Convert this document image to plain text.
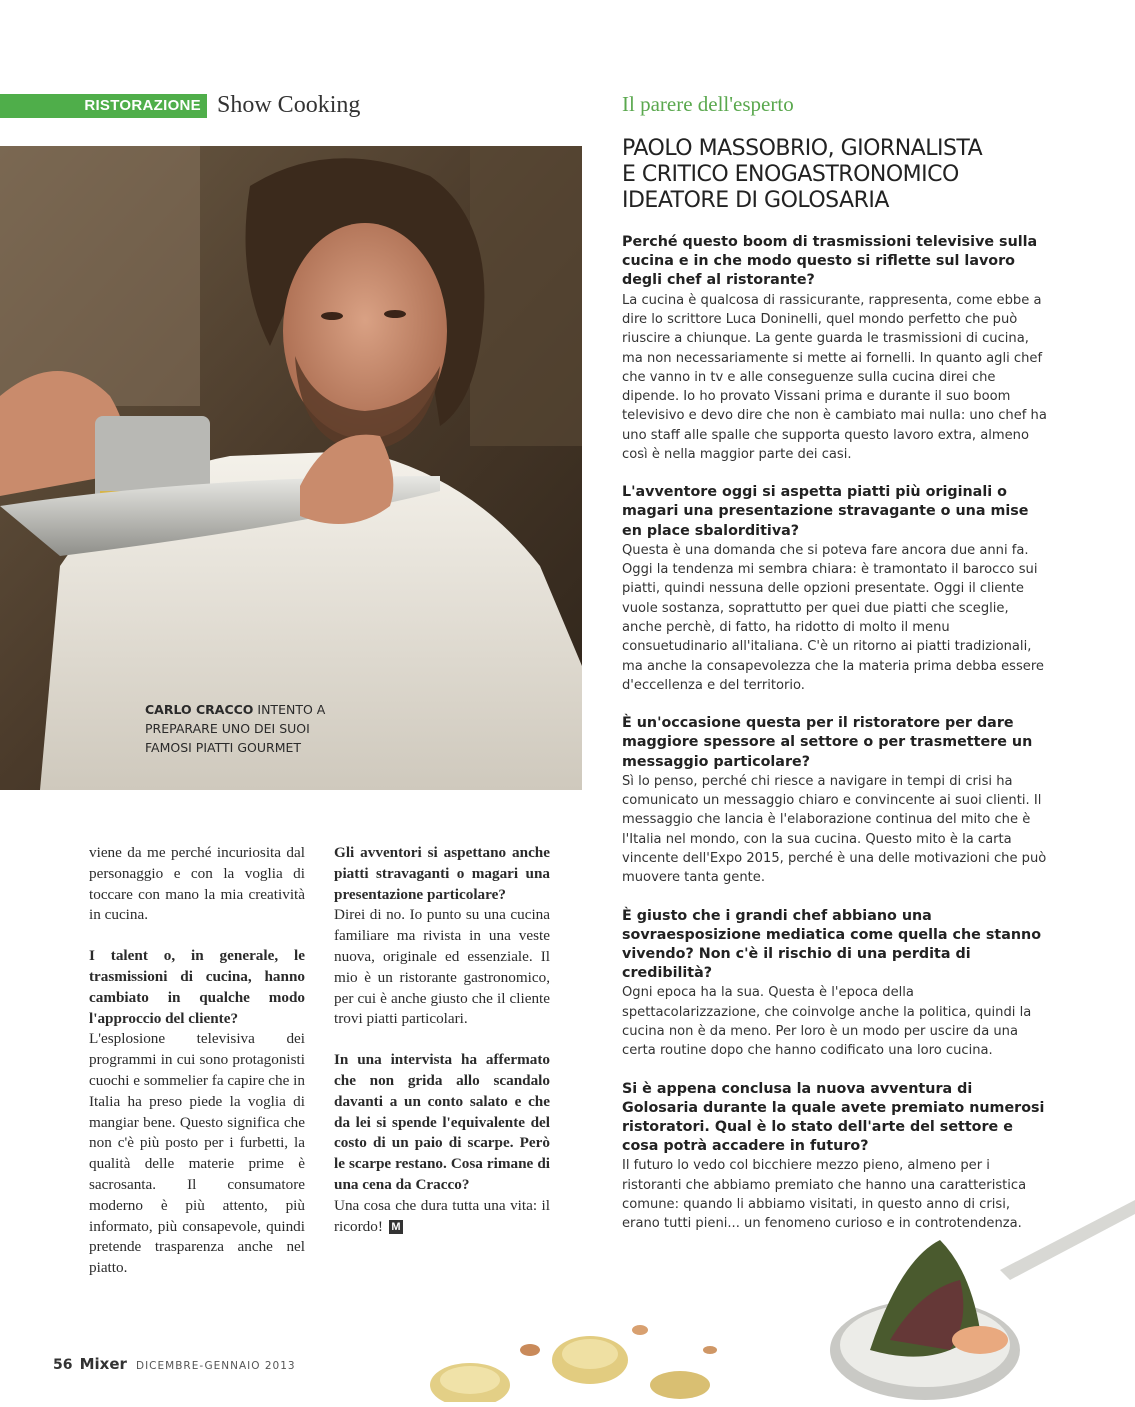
RISTORAZIONE Show Cooking
CARLO CRACCO INTENTO A PREPARARE UNO DEI SUOI FAMOSI PIATTI GOURMET

viene da me perché incuriosita dal personaggio e con la voglia di toccare con mano la mia creatività in cucina.

I talent o, in generale, le trasmissioni di cucina, hanno cambiato in qualche modo l'approccio del cliente?

L'esplosione televisiva dei programmi in cui sono protagonisti cuochi e sommelier fa capire che in Italia ha preso piede la voglia di mangiar bene. Questo significa che non c'è più posto per i furbetti, la qualità delle materie prime è sacrosanta. Il consumatore moderno è più attento, più informato, più consapevole, quindi pretende trasparenza anche nel piatto.

Gli avventori si aspettano anche piatti stravaganti o magari una presentazione particolare?

Direi di no. Io punto su una cucina familiare ma rivista in una veste nuova, originale ed essenziale. Il mio è un ristorante gastronomico, per cui è anche giusto che il cliente trovi piatti particolari.

In una intervista ha affermato che non grida allo scandalo davanti a un conto salato e che da lei si spende l'equivalente del costo di un paio di scarpe. Però le scarpe restano. Cosa rimane di una cena da Cracco?

Una cosa che dura tutta una vita: il ricordo! M

Il parere dell'esperto
PAOLO MASSOBRIO, GIORNALISTA
E CRITICO ENOGASTRONOMICO
IDEATORE DI GOLOSARIA

Perché questo boom di trasmissioni televisive sulla cucina e in che modo questo si riflette sul lavoro degli chef al ristorante?

La cucina è qualcosa di rassicurante, rappresenta, come ebbe a dire lo scrittore Luca Doninelli, quel mondo perfetto che può riuscire a chiunque. La gente guarda le trasmissioni di cucina, ma non necessariamente si mette ai fornelli. In quanto agli chef che vanno in tv e alle conseguenze sulla cucina direi che dipende. Io ho provato Vissani prima e durante il suo boom televisivo e devo dire che non è cambiato mai nulla: uno chef ha uno staff alle spalle che supporta questo lavoro extra, almeno così è nella maggior parte dei casi.

L'avventore oggi si aspetta piatti più originali o magari una presentazione stravagante o una mise en place sbalorditiva?

Questa è una domanda che si poteva fare ancora due anni fa. Oggi la tendenza mi sembra chiara: è tramontato il barocco sui piatti, quindi nessuna delle opzioni presentate. Oggi il cliente vuole sostanza, soprattutto per quei due piatti che sceglie, anche perchè, di fatto, ha ridotto di molto il menu consuetudinario all'italiana. C'è un ritorno ai piatti tradizionali, ma anche la consapevolezza che la materia prima debba essere d'eccellenza e del territorio.

È un'occasione questa per il ristoratore per dare maggiore spessore al settore o per trasmettere un messaggio particolare?

Sì lo penso, perché chi riesce a navigare in tempi di crisi ha comunicato un messaggio chiaro e convincente ai suoi clienti. Il messaggio che lancia è l'elaborazione continua del mito che è l'Italia nel mondo, con la sua cucina. Questo mito è la carta vincente dell'Expo 2015, perché è una delle motivazioni che può muovere tanta gente.

È giusto che i grandi chef abbiano una sovraesposizione mediatica come quella che stanno vivendo? Non c'è il rischio di una perdita di credibilità?

Ogni epoca ha la sua. Questa è l'epoca della spettacolarizzazione, che coinvolge anche la politica, quindi la cucina non è da meno. Per loro è un modo per uscire da una certa routine dopo che hanno codificato una loro cucina.

Si è appena conclusa la nuova avventura di Golosaria durante la quale avete premiato numerosi ristoratori. Qual è lo stato dell'arte del settore e cosa potrà accadere in futuro?

Il futuro lo vedo col bicchiere mezzo pieno, almeno per i ristoranti che abbiamo premiato che hanno una caratteristica comune: quando li abbiamo visitati, in questo anno di crisi, erano tutti pieni... un fenomeno curioso e in controtendenza.

56 Mixer DICEMBRE-GENNAIO 2013
